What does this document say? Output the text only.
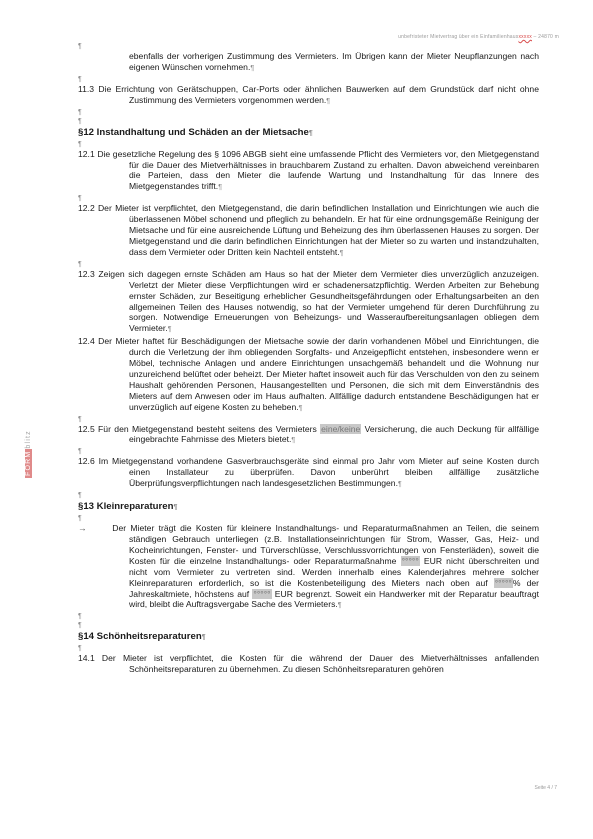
unbefristeter Mietvertrag über ein Einfamilienhausxxxxx – 24870 m
FORMblitz
¶

ebenfalls der vorherigen Zustimmung des Vermieters. Im Übrigen kann der Mieter Neupflanzungen nach eigenen Wünschen vornehmen.¶

¶

11.3 Die Errichtung von Gerätschuppen, Car-Ports oder ähnlichen Bauwerken auf dem Grundstück darf nicht ohne Zustimmung des Vermieters vorgenommen werden.¶

¶
¶

§12 Instandhaltung und Schäden an der Mietsache¶

¶

12.1 Die gesetzliche Regelung des § 1096 ABGB sieht eine umfassende Pflicht des Vermieters vor, den Mietgegenstand für die Dauer des Mietverhältnisses in brauchbarem Zustand zu erhalten. Davon abweichend vereinbaren die Parteien, dass den Mieter die laufende Wartung und Instandhaltung für das Innere des Mietgegenstandes trifft.¶

¶

12.2 Der Mieter ist verpflichtet, den Mietgegenstand, die darin befindlichen Installation und Einrichtungen wie auch die überlassenen Möbel schonend und pfleglich zu behandeln. Er hat für eine ordnungsgemäße Reinigung der Mietsache und für eine ausreichende Lüftung und Beheizung des ihm überlassenen Hauses zu sorgen. Der Mietgegenstand und die darin befindlichen Einrichtungen hat der Mieter so zu warten und instandzuhalten, dass dem Vermieter oder Dritten kein Nachteil entsteht.¶

¶

12.3 Zeigen sich dagegen ernste Schäden am Haus so hat der Mieter dem Vermieter dies unverzüglich anzuzeigen. Verletzt der Mieter diese Verpflichtungen wird er schadenersatzpflichtig. Werden Arbeiten zur Behebung ernster Schäden, zur Beseitigung erheblicher Gesundheitsgefährdungen oder Erhaltungsarbeiten an den allgemeinen Teilen des Hauses notwendig, so hat der Vermieter umgehend für deren Durchführung zu sorgen. Notwendige Erneuerungen von Beheizungs- und Wasseraufbereitungsanlagen obliegen dem Vermieter.¶

12.4 Der Mieter haftet für Beschädigungen der Mietsache sowie der darin vorhandenen Möbel und Einrichtungen, die durch die Verletzung der ihm obliegenden Sorgfalts- und Anzeigepflicht entstehen, insbesondere wenn er Möbel, technische Anlagen und andere Einrichtungen unsachgemäß behandelt und die Wohnung nur unzureichend belüftet oder beheizt. Der Mieter haftet insoweit auch für das Verschulden von den zu seinem Haushalt gehörenden Personen, Hausangestellten und Personen, die sich mit dem Einverständnis des Mieters auf dem Anwesen oder im Haus aufhalten. Allfällige dadurch entstandene Beschädigungen hat er unverzüglich auf eigene Kosten zu beheben.¶

¶

12.5 Für den Mietgegenstand besteht seitens des Vermieters eine/keine Versicherung, die auch Deckung für allfällige eingebrachte Fahrnisse des Mieters bietet.¶

¶

12.6 Im Mietgegenstand vorhandene Gasverbrauchsgeräte sind einmal pro Jahr vom Mieter auf seine Kosten durch einen Installateur zu überprüfen. Davon unberührt bleiben allfällige zusätzliche Überprüfungsverpflichtungen nach landesgesetzlichen Bestimmungen.¶

¶

§13 Kleinreparaturen¶

¶

→	Der Mieter trägt die Kosten für kleinere Instandhaltungs- und Reparaturmaßnahmen an Teilen, die seinem ständigen Gebrauch unterliegen (z.B. Installationseinrichtungen für Strom, Wasser, Gas, Heiz- und Kocheinrichtungen, Fenster- und Türverschlüsse, Verschlussvorrichtungen von Fensterläden), soweit die Kosten für die einzelne Instandhaltungs- oder Reparaturmaßnahme °°°°° EUR nicht überschreiten und nicht vom Vermieter zu vertreten sind. Werden innerhalb eines Kalenderjahres mehrere solcher Kleinreparaturen erforderlich, so ist die Kostenbeteiligung des Mieters nach oben auf °°°°°% der Jahreskaltmiete, höchstens auf °°°°° EUR begrenzt. Soweit ein Handwerker mit der Reparatur beauftragt wird, bleibt die Auftragsvergabe Sache des Vermieters.¶

¶
¶

§14 Schönheitsreparaturen¶

¶

14.1 Der Mieter ist verpflichtet, die Kosten für die während der Dauer des Mietverhältnisses anfallenden Schönheitsreparaturen zu übernehmen. Zu diesen Schönheitsreparaturen gehören

Seite 4 / 7
